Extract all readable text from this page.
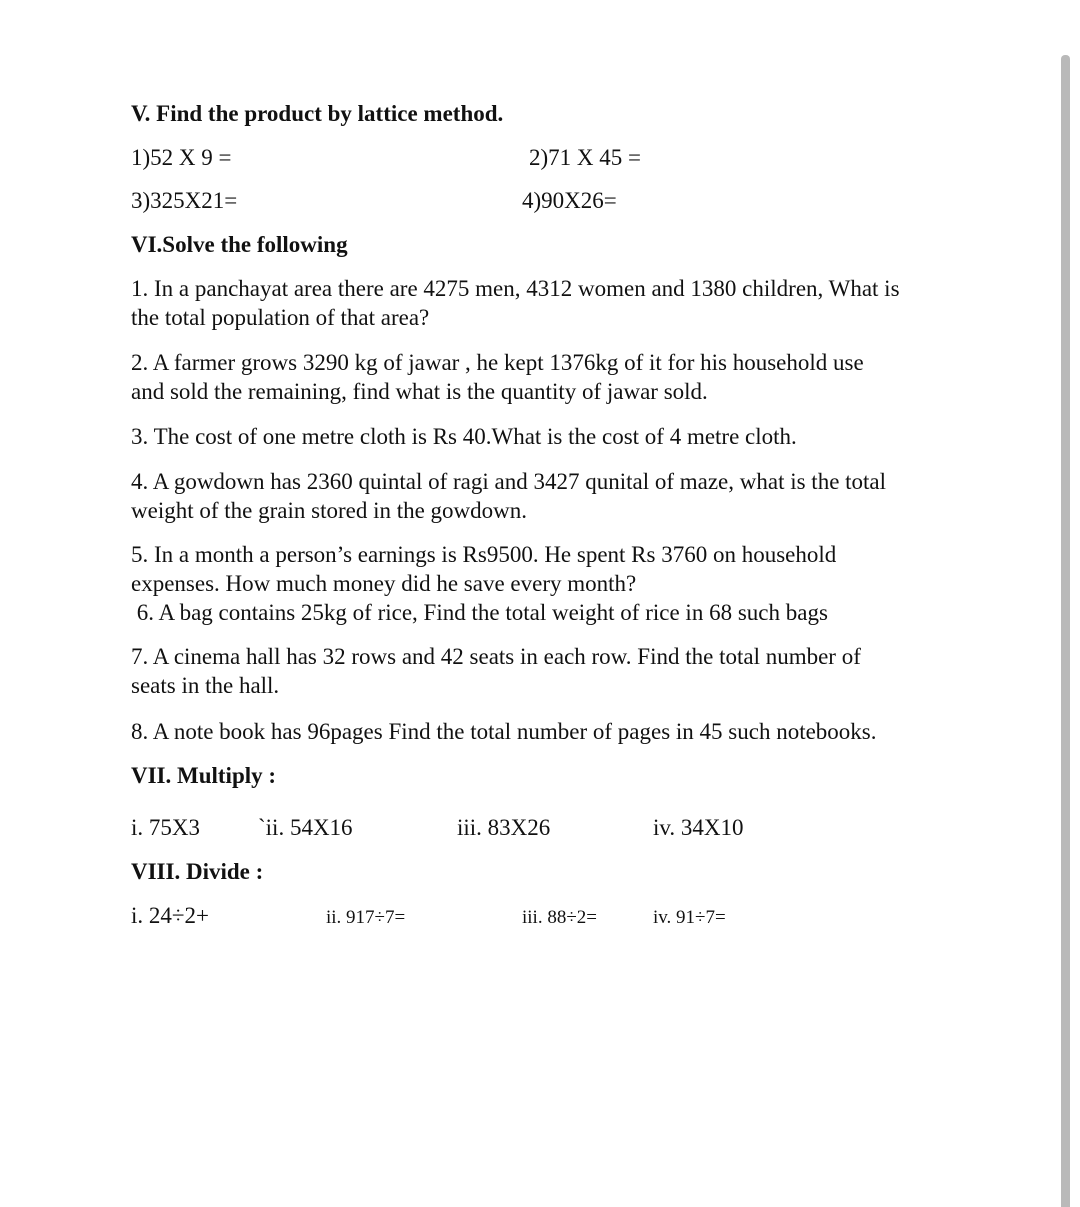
V. Find the product by lattice method.
1)52 X 9 =	2)71 X 45 =
3)325X21=	4)90X26=
VI.Solve the following
1. In a panchayat area there are 4275 men, 4312 women and 1380 children, What is
the total population of that area?
2. A farmer grows 3290 kg of jawar , he kept 1376kg of it for his household use
and sold the remaining, find what is the quantity of jawar sold.
3. The cost of one metre cloth is Rs 40.What is the cost of 4 metre cloth.
4. A gowdown has 2360 quintal of ragi and 3427 qunital of maze, what is the total
weight of the grain stored in the gowdown.
5. In a month a person’s earnings is Rs9500. He spent Rs 3760 on household
expenses. How much money did he save every month?
6. A bag contains 25kg of rice, Find the total weight of rice in 68 such bags
7. A cinema hall has 32 rows and 42 seats in each row. Find the total number of
seats in the hall.
8. A note book has 96pages Find the total number of pages in 45 such notebooks.
VII. Multiply :
i. 75X3	`ii. 54X16	iii. 83X26	iv. 34X10
VIII. Divide :
i. 24÷2+	ii. 917÷7=	iii. 88÷2=	iv. 91÷7=
